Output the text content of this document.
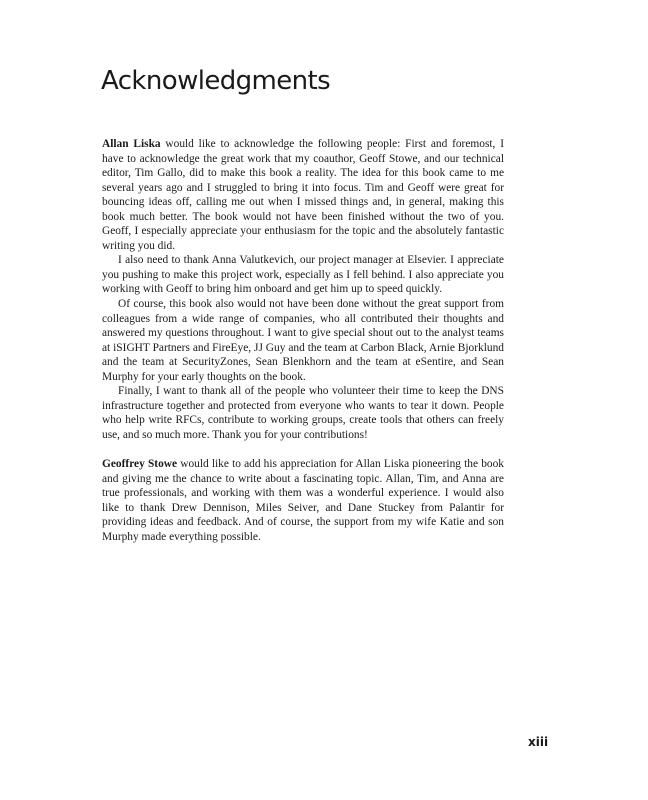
Acknowledgments

Allan Liska would like to acknowledge the following people: First and foremost, I have to acknowledge the great work that my coauthor, Geoff Stowe, and our technical editor, Tim Gallo, did to make this book a reality. The idea for this book came to me several years ago and I struggled to bring it into focus. Tim and Geoff were great for bouncing ideas off, calling me out when I missed things and, in general, making this book much better. The book would not have been finished without the two of you. Geoff, I especially appreciate your enthusiasm for the topic and the absolutely fantastic writing you did.

I also need to thank Anna Valutkevich, our project manager at Elsevier. I appreciate you pushing to make this project work, especially as I fell behind. I also appreciate you working with Geoff to bring him onboard and get him up to speed quickly.

Of course, this book also would not have been done without the great support from colleagues from a wide range of companies, who all contributed their thoughts and answered my questions throughout. I want to give special shout out to the analyst teams at iSIGHT Partners and FireEye, JJ Guy and the team at Carbon Black, Arnie Bjorklund and the team at SecurityZones, Sean Blenkhorn and the team at eSentire, and Sean Murphy for your early thoughts on the book.

Finally, I want to thank all of the people who volunteer their time to keep the DNS infrastructure together and protected from everyone who wants to tear it down. People who help write RFCs, contribute to working groups, create tools that others can freely use, and so much more. Thank you for your contributions!

Geoffrey Stowe would like to add his appreciation for Allan Liska pioneering the book and giving me the chance to write about a fascinating topic. Allan, Tim, and Anna are true professionals, and working with them was a wonderful experience. I would also like to thank Drew Dennison, Miles Seiver, and Dane Stuckey from Palantir for providing ideas and feedback. And of course, the support from my wife Katie and son Murphy made everything possible.

xiii
